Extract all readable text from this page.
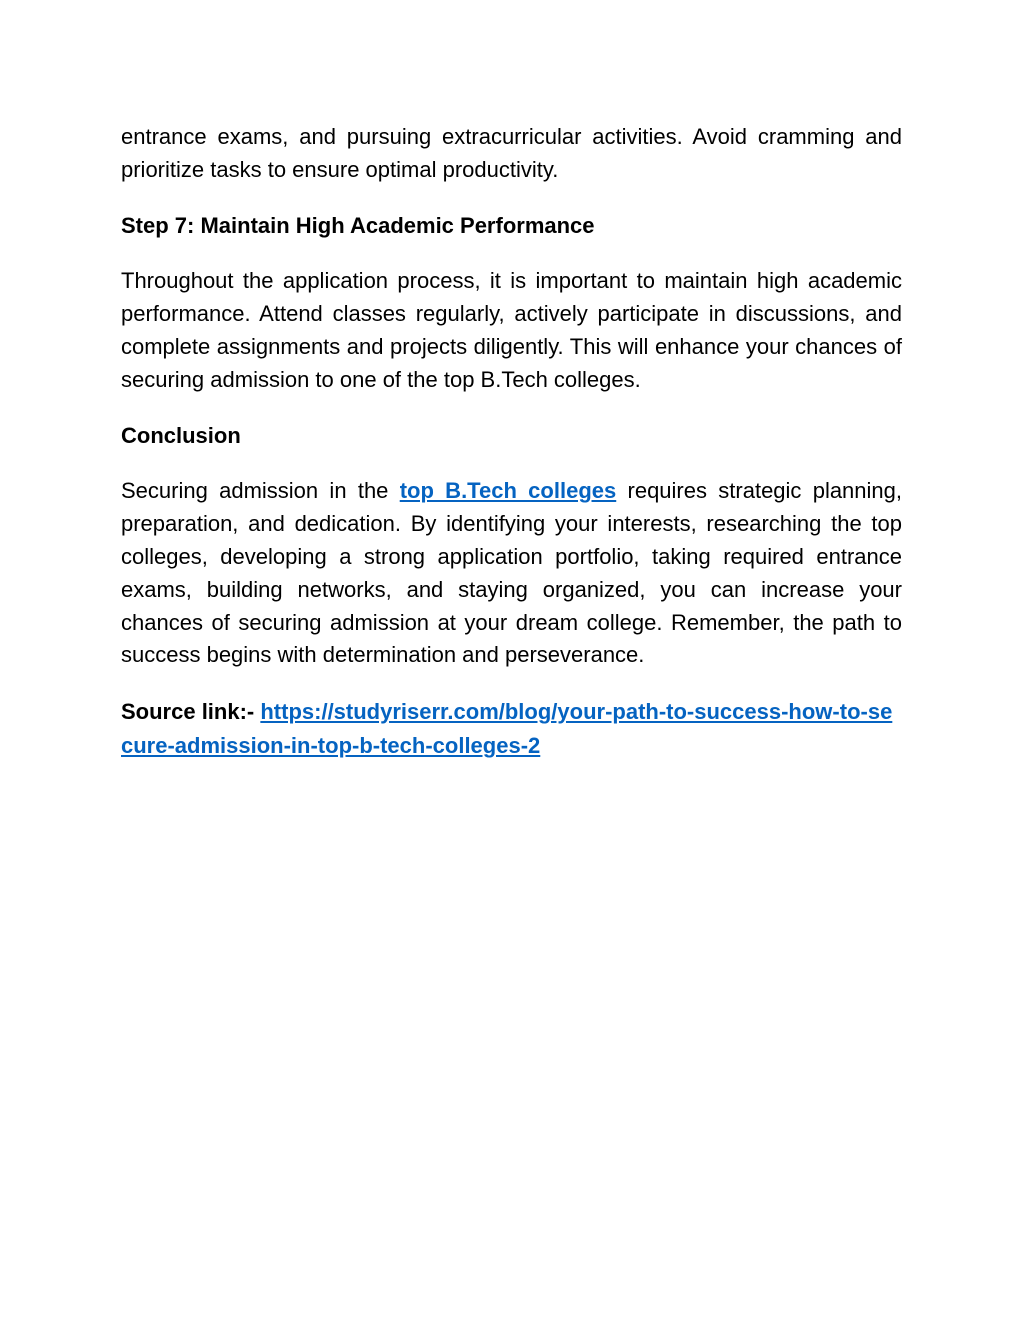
entrance exams, and pursuing extracurricular activities. Avoid cramming and prioritize tasks to ensure optimal productivity.

Step 7: Maintain High Academic Performance

Throughout the application process, it is important to maintain high academic performance. Attend classes regularly, actively participate in discussions, and complete assignments and projects diligently. This will enhance your chances of securing admission to one of the top B.Tech colleges.

Conclusion

Securing admission in the top B.Tech colleges requires strategic planning, preparation, and dedication. By identifying your interests, researching the top colleges, developing a strong application portfolio, taking required entrance exams, building networks, and staying organized, you can increase your chances of securing admission at your dream college. Remember, the path to success begins with determination and perseverance.

Source link:- https://studyriserr.com/blog/your-path-to-success-how-to-secure-admission-in-top-b-tech-colleges-2
